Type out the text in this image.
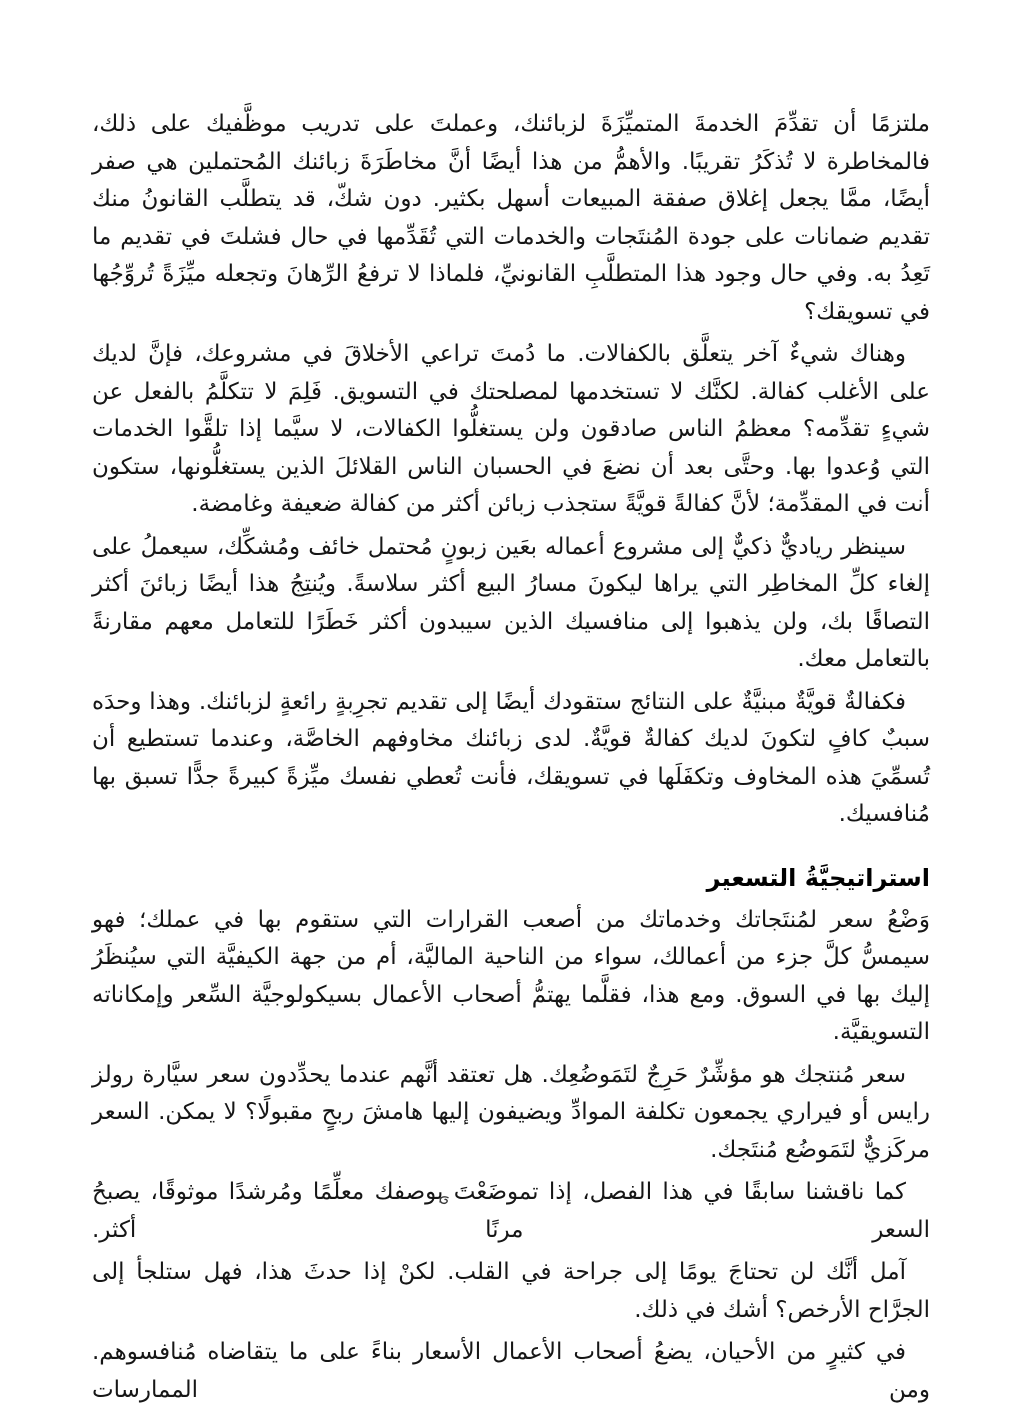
ملتزمًا أن تقدِّمَ الخدمةَ المتميِّزَةَ لزبائنك، وعملتَ على تدريب موظَّفيك على ذلك، فالمخاطرة لا تُذكَرُ تقريبًا. والأهمُّ من هذا أيضًا أنَّ مخاطَرَةَ زبائنك المُحتملين هي صفر أيضًا، ممَّا يجعل إغلاق صفقة المبيعات أسهل بكثير. دون شكّ، قد يتطلَّب القانونُ منك تقديم ضمانات على جودة المُنتَجات والخدمات التي تُقَدِّمها في حال فشلتَ في تقديم ما تَعِدُ به. وفي حال وجود هذا المتطلَّبِ القانونيِّ، فلماذا لا ترفعُ الرِّهانَ وتجعله ميِّزَةً تُروِّجُها في تسويقك؟

وهناك شيءٌ آخر يتعلَّق بالكفالات. ما دُمتَ تراعي الأخلاقَ في مشروعك، فإنَّ لديك على الأغلب كفالة. لكنَّك لا تستخدمها لمصلحتك في التسويق. فَلِمَ لا تتكلَّمُ بالفعل عن شيءٍ تقدِّمه؟ معظمُ الناس صادقون ولن يستغلُّوا الكفالات، لا سيَّما إذا تلقَّوا الخدمات التي وُعدوا بها. وحتَّى بعد أن نضعَ في الحسبان الناس القلائلَ الذين يستغلُّونها، ستكون أنت في المقدِّمة؛ لأنَّ كفالةً قويَّةً ستجذب زبائن أكثر من كفالة ضعيفة وغامضة.

سينظر رياديٌّ ذكيٌّ إلى مشروع أعماله بعَين زبونٍ مُحتمل خائف ومُشكِّك، سيعملُ على إلغاء كلِّ المخاطِر التي يراها ليكونَ مسارُ البيع أكثر سلاسةً. ويُنتِجُ هذا أيضًا زبائنَ أكثر التصاقًا بك، ولن يذهبوا إلى منافسيك الذين سيبدون أكثر خَطَرًا للتعامل معهم مقارنةً بالتعامل معك.

فكفالةٌ قويَّةٌ مبنيَّةٌ على النتائج ستقودك أيضًا إلى تقديم تجرِبةٍ رائعةٍ لزبائنك. وهذا وحدَه سببٌ كافٍ لتكونَ لديك كفالةٌ قويَّةٌ. لدى زبائنك مخاوفهم الخاصَّة، وعندما تستطيع أن تُسمِّيَ هذه المخاوف وتكفَلَها في تسويقك، فأنت تُعطي نفسك ميِّزةً كبيرةً جدًّا تسبق بها مُنافسيك.

استراتيجيَّةُ التسعير

وَضْعُ سعر لمُنتَجاتك وخدماتك من أصعب القرارات التي ستقوم بها في عملك؛ فهو سيمسُّ كلَّ جزء من أعمالك، سواء من الناحية الماليَّة، أم من جهة الكيفيَّة التي سيُنظَرُ إليك بها في السوق. ومع هذا، فقلَّما يهتمُّ أصحاب الأعمال بسيكولوجيَّة السِّعر وإمكاناته التسويقيَّة.

سعر مُنتجك هو مؤشِّرٌ حَرِجٌ لتَمَوضُعِك. هل تعتقد أنَّهم عندما يحدِّدون سعر سيَّارة رولز رايس أو فيراري يجمعون تكلفة الموادِّ ويضيفون إليها هامشَ ربحٍ مقبولًا؟ لا يمكن. السعر مركَزيٌّ لتَمَوضُع مُنتَجك.

كما ناقشنا سابقًا في هذا الفصل، إذا تموضَعْتَ بوصفك معلِّمًا ومُرشدًا موثوقًا، يصبحُ السعر مرنًا أكثر.

آمل أنَّك لن تحتاجَ يومًا إلى جراحة في القلب. لكنْ إذا حدثَ هذا، فهل ستلجأ إلى الجرَّاح الأرخص؟ أشك في ذلك.

في كثيرٍ من الأحيان، يضعُ أصحاب الأعمال الأسعار بناءً على ما يتقاضاه مُنافسوهم. ومن الممارسات
